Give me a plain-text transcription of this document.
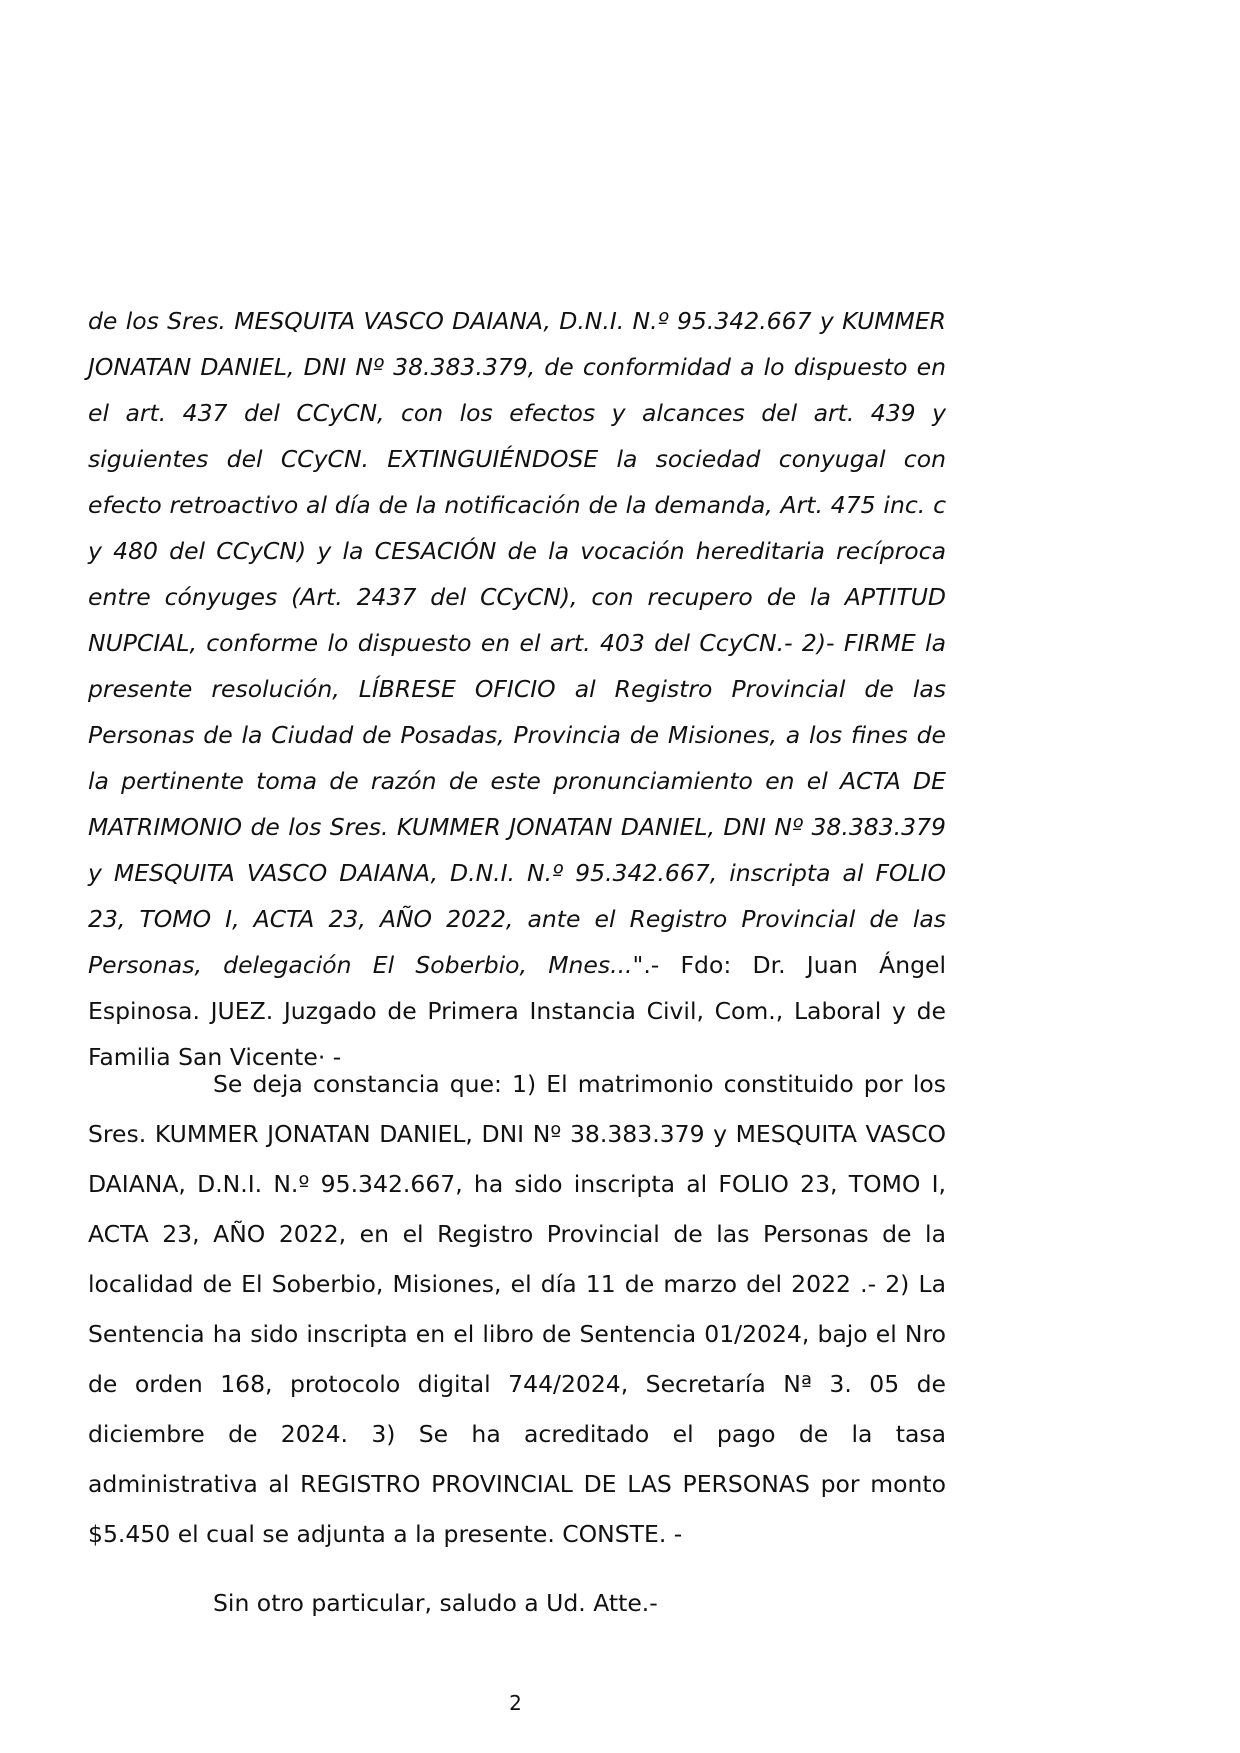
de los Sres. MESQUITA VASCO DAIANA, D.N.I. N.º 95.342.667 y KUMMER JONATAN DANIEL, DNI Nº 38.383.379, de conformidad a lo dispuesto en el art. 437 del CCyCN, con los efectos y alcances del art. 439 y siguientes del CCyCN. EXTINGUIÉNDOSE la sociedad conyugal con efecto retroactivo al día de la notificación de la demanda, Art. 475 inc. c y 480 del CCyCN) y la CESACIÓN de la vocación hereditaria recíproca entre cónyuges (Art. 2437 del CCyCN), con recupero de la APTITUD NUPCIAL, conforme lo dispuesto en el art. 403 del CcyCN.- 2)- FIRME la presente resolución, LÍBRESE OFICIO al Registro Provincial de las Personas de la Ciudad de Posadas, Provincia de Misiones, a los fines de la pertinente toma de razón de este pronunciamiento en el ACTA DE MATRIMONIO de los Sres. KUMMER JONATAN DANIEL, DNI Nº 38.383.379 y MESQUITA VASCO DAIANA, D.N.I. N.º 95.342.667, inscripta al FOLIO 23, TOMO I, ACTA 23, AÑO 2022, ante el Registro Provincial de las Personas, delegación El Soberbio, Mnes...".- Fdo: Dr. Juan Ángel Espinosa. JUEZ. Juzgado de Primera Instancia Civil, Com., Laboral y de Familia San Vicente· -

Se deja constancia que: 1) El matrimonio constituido por los Sres. KUMMER JONATAN DANIEL, DNI Nº 38.383.379 y MESQUITA VASCO DAIANA, D.N.I. N.º 95.342.667, ha sido inscripta al FOLIO 23, TOMO I, ACTA 23, AÑO 2022, en el Registro Provincial de las Personas de la localidad de El Soberbio, Misiones, el día 11 de marzo del 2022 .- 2) La Sentencia ha sido inscripta en el libro de Sentencia 01/2024, bajo el Nro de orden 168, protocolo digital 744/2024, Secretaría Nª 3. 05 de diciembre de 2024. 3) Se ha acreditado el pago de la tasa administrativa al REGISTRO PROVINCIAL DE LAS PERSONAS por monto $5.450 el cual se adjunta a la presente. CONSTE. -

Sin otro particular, saludo a Ud. Atte.-

2
